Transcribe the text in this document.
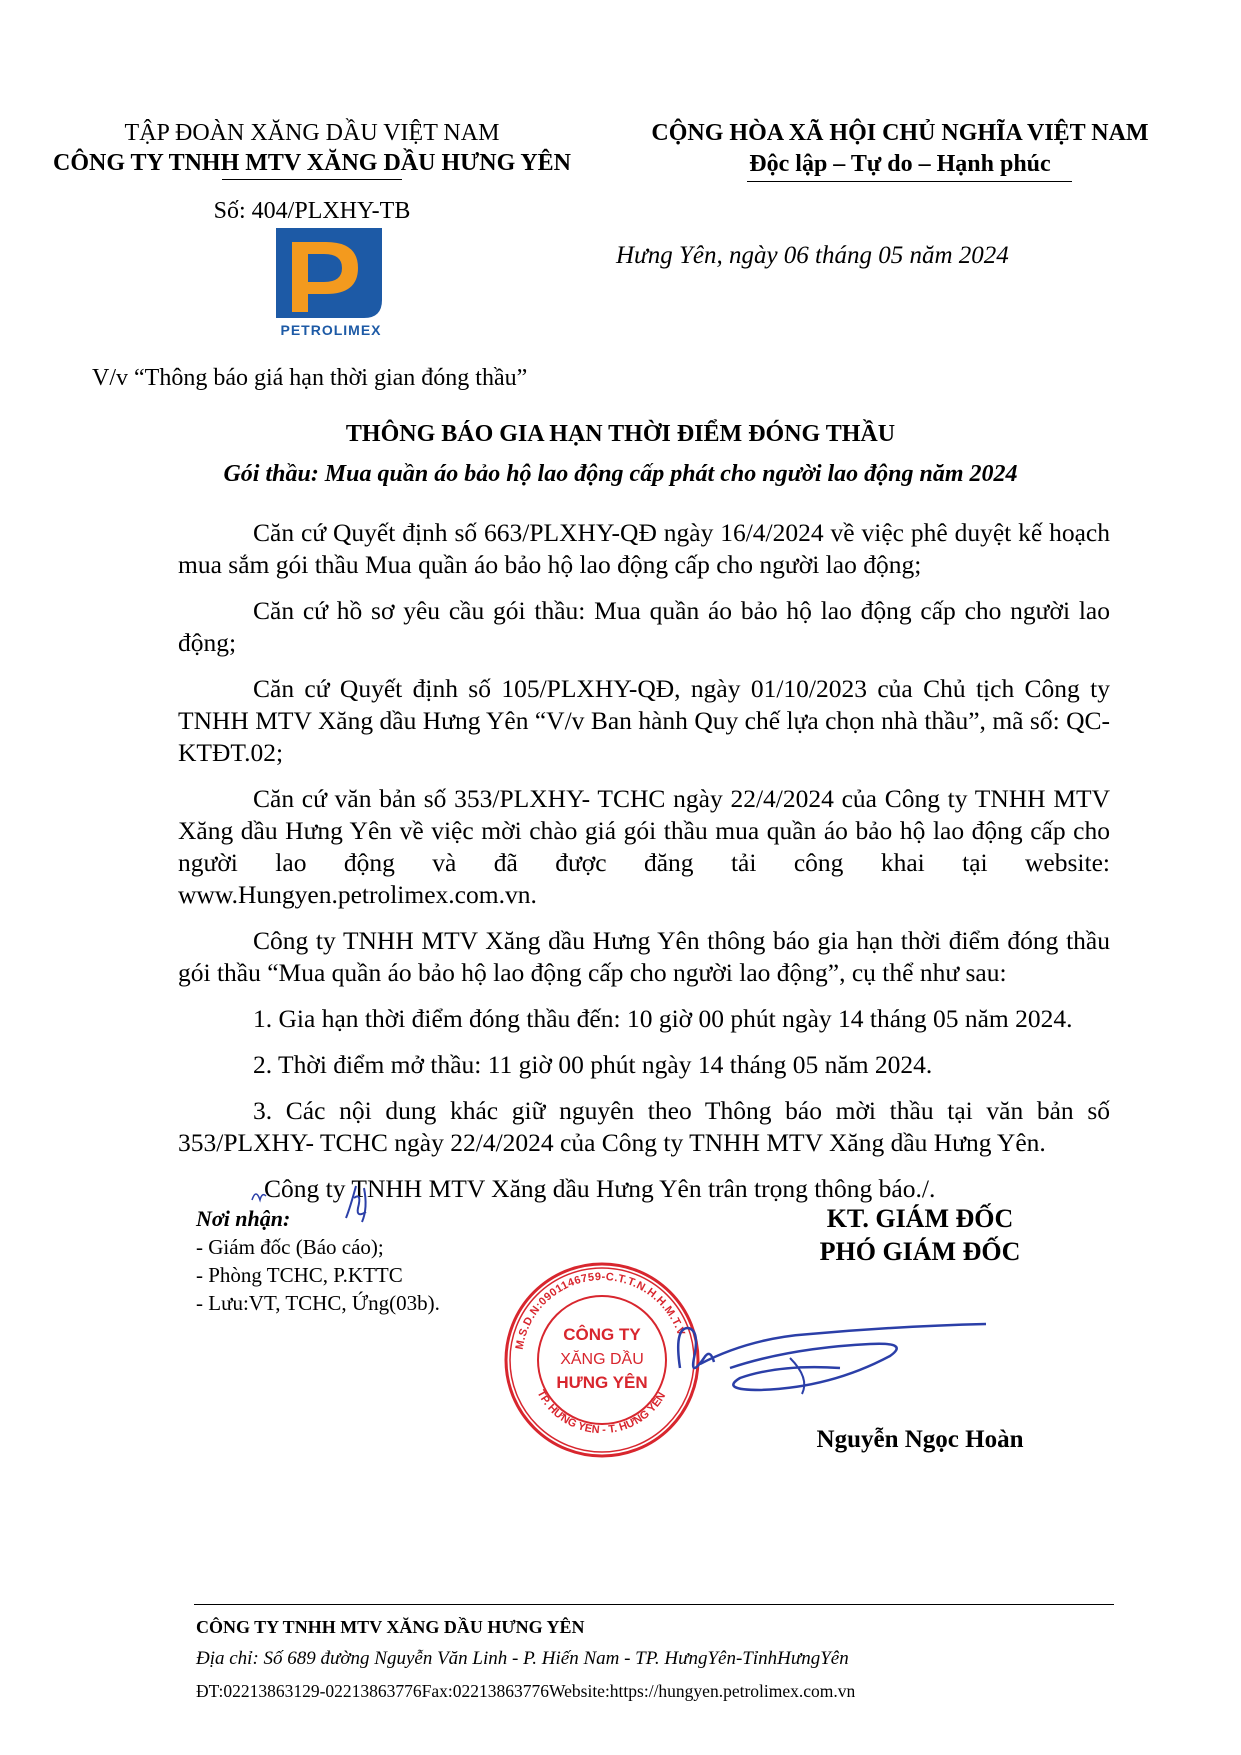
TẬP ĐOÀN XĂNG DẦU VIỆT NAM
CÔNG TY TNHH MTV XĂNG DẦU HƯNG YÊN
Số: 404/PLXHY-TB
PETROLIMEX
CỘNG HÒA XÃ HỘI CHỦ NGHĨA VIỆT NAM
Độc lập – Tự do – Hạnh phúc
Hưng Yên, ngày 06 tháng 05 năm 2024
V/v “Thông báo giá hạn thời gian đóng thầu”
THÔNG BÁO GIA HẠN THỜI ĐIỂM ĐÓNG THẦU
Gói thầu: Mua quần áo bảo hộ lao động cấp phát cho người lao động năm 2024

Căn cứ Quyết định số 663/PLXHY-QĐ ngày 16/4/2024 về việc phê duyệt kế hoạch mua sắm gói thầu Mua quần áo bảo hộ lao động cấp cho người lao động;

Căn cứ hồ sơ yêu cầu gói thầu: Mua quần áo bảo hộ lao động cấp cho người lao động;

Căn cứ Quyết định số 105/PLXHY-QĐ, ngày 01/10/2023 của Chủ tịch Công ty TNHH MTV Xăng dầu Hưng Yên “V/v Ban hành Quy chế lựa chọn nhà thầu”, mã số: QC-KTĐT.02;

Căn cứ văn bản số 353/PLXHY- TCHC ngày 22/4/2024 của Công ty TNHH MTV Xăng dầu Hưng Yên về việc mời chào giá gói thầu mua quần áo bảo hộ lao động cấp cho người lao động và đã được đăng tải công khai tại website:

www.Hungyen.petrolimex.com.vn.

Công ty TNHH MTV Xăng dầu Hưng Yên thông báo gia hạn thời điểm đóng thầu gói thầu “Mua quần áo bảo hộ lao động cấp cho người lao động”, cụ thể như sau:

1. Gia hạn thời điểm đóng thầu đến: 10 giờ 00 phút ngày 14 tháng 05 năm 2024.

2. Thời điểm mở thầu: 11 giờ 00 phút ngày 14 tháng 05 năm 2024.

3. Các nội dung khác giữ nguyên theo Thông báo mời thầu tại văn bản số 353/PLXHY- TCHC ngày 22/4/2024 của Công ty TNHH MTV Xăng dầu Hưng Yên.

Công ty TNHH MTV Xăng dầu Hưng Yên trân trọng thông báo./.

Nơi nhận:
- Giám đốc (Báo cáo);
- Phòng TCHC, P.KTTC
- Lưu:VT, TCHC, Ứng(03b).
KT. GIÁM ĐỐC
PHÓ GIÁM ĐỐC
M.S.D.N:0901146759-C.T.T.N.H.H.M.T.V
TP. HƯNG YÊN - T. HƯNG YÊN
CÔNG TY
XĂNG DẦU
HƯNG YÊN
Nguyễn Ngọc Hoàn
CÔNG TY TNHH MTV XĂNG DẦU HƯNG YÊN
Địa chỉ: Số 689 đường Nguyễn Văn Linh - P. Hiến Nam - TP. HưngYên-TỉnhHưngYên
ĐT:02213863129-02213863776Fax:02213863776Website:https://hungyen.petrolimex.com.vn
